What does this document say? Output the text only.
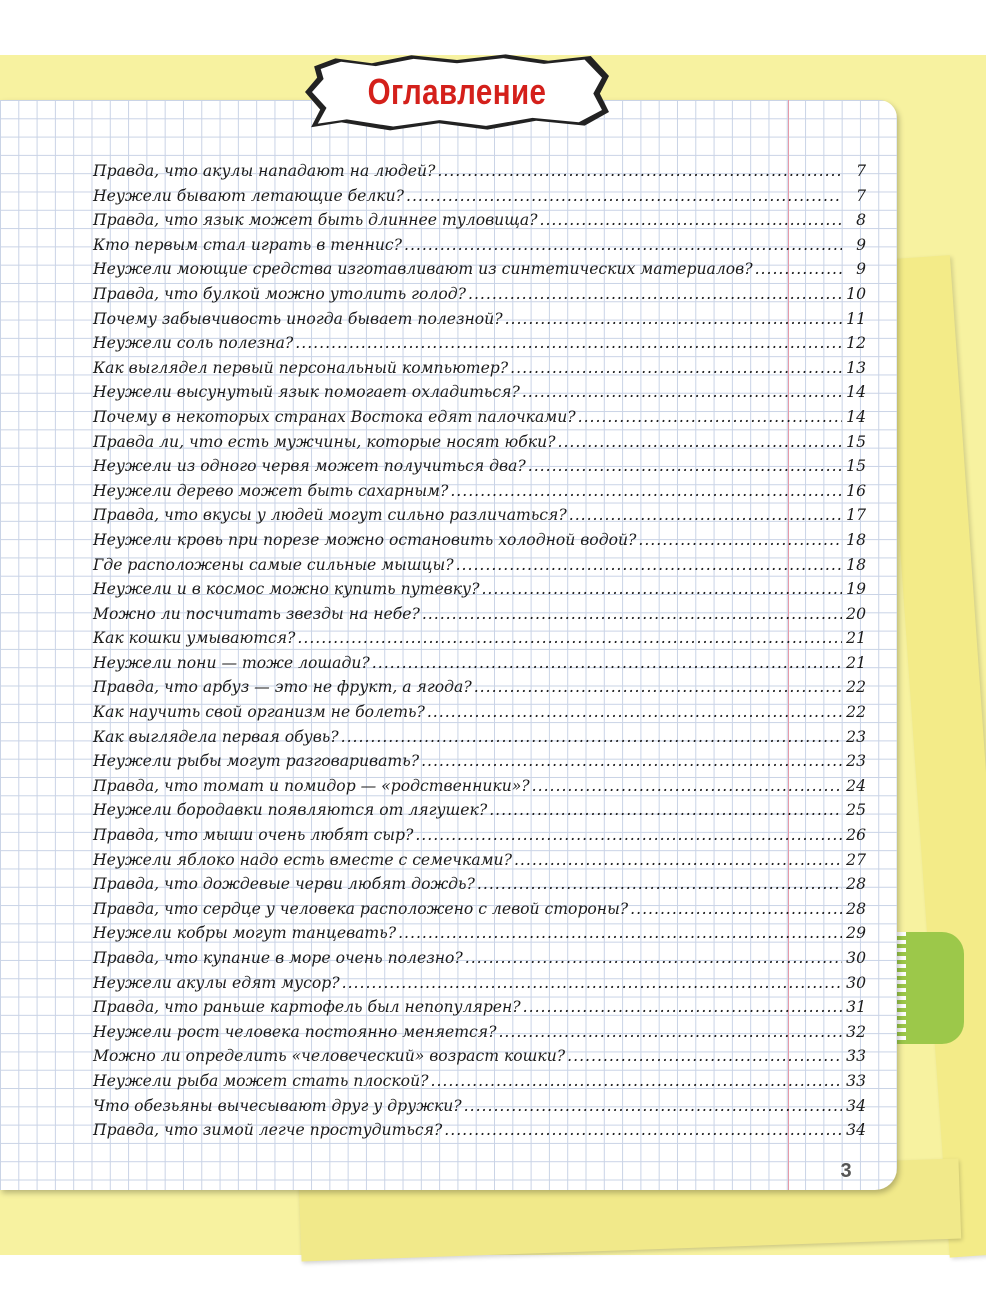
Оглавление
Правда, что акулы нападают на людей? .....	7
Неужели бывают летающие белки? .....	7
Правда, что язык может быть длиннее туловища? .....	8
Кто первым стал играть в теннис? .....	9
Неужели моющие средства изготавливают из синтетических материалов? .....	9
Правда, что булкой можно утолить голод? .....	10
Почему забывчивость иногда бывает полезной? .....	11
Неужели соль полезна? .....	12
Как выглядел первый персональный компьютер? .....	13
Неужели высунутый язык помогает охладиться? .....	14
Почему в некоторых странах Востока едят палочками? .....	14
Правда ли, что есть мужчины, которые носят юбки? .....	15
Неужели из одного червя может получиться два? .....	15
Неужели дерево может быть сахарным? .....	16
Правда, что вкусы у людей могут сильно различаться? .....	17
Неужели кровь при порезе можно остановить холодной водой? .....	18
Где расположены самые сильные мышцы? .....	18
Неужели и в космос можно купить путевку? .....	19
Можно ли посчитать звезды на небе? .....	20
Как кошки умываются? .....	21
Неужели пони — тоже лошади? .....	21
Правда, что арбуз — это не фрукт, а ягода? .....	22
Как научить свой организм не болеть? .....	22
Как выглядела первая обувь? .....	23
Неужели рыбы могут разговаривать? .....	23
Правда, что томат и помидор — «родственники»? .....	24
Неужели бородавки появляются от лягушек? .....	25
Правда, что мыши очень любят сыр? .....	26
Неужели яблоко надо есть вместе с семечками? .....	27
Правда, что дождевые черви любят дождь? .....	28
Правда, что сердце у человека расположено с левой стороны? .....	28
Неужели кобры могут танцевать? .....	29
Правда, что купание в море очень полезно? .....	30
Неужели акулы едят мусор? .....	30
Правда, что раньше картофель был непопулярен? .....	31
Неужели рост человека постоянно меняется? .....	32
Можно ли определить «человеческий» возраст кошки? .....	33
Неужели рыба может стать плоской? .....	33
Что обезьяны вычесывают друг у дружки? .....	34
Правда, что зимой легче простудиться? .....	34
3
